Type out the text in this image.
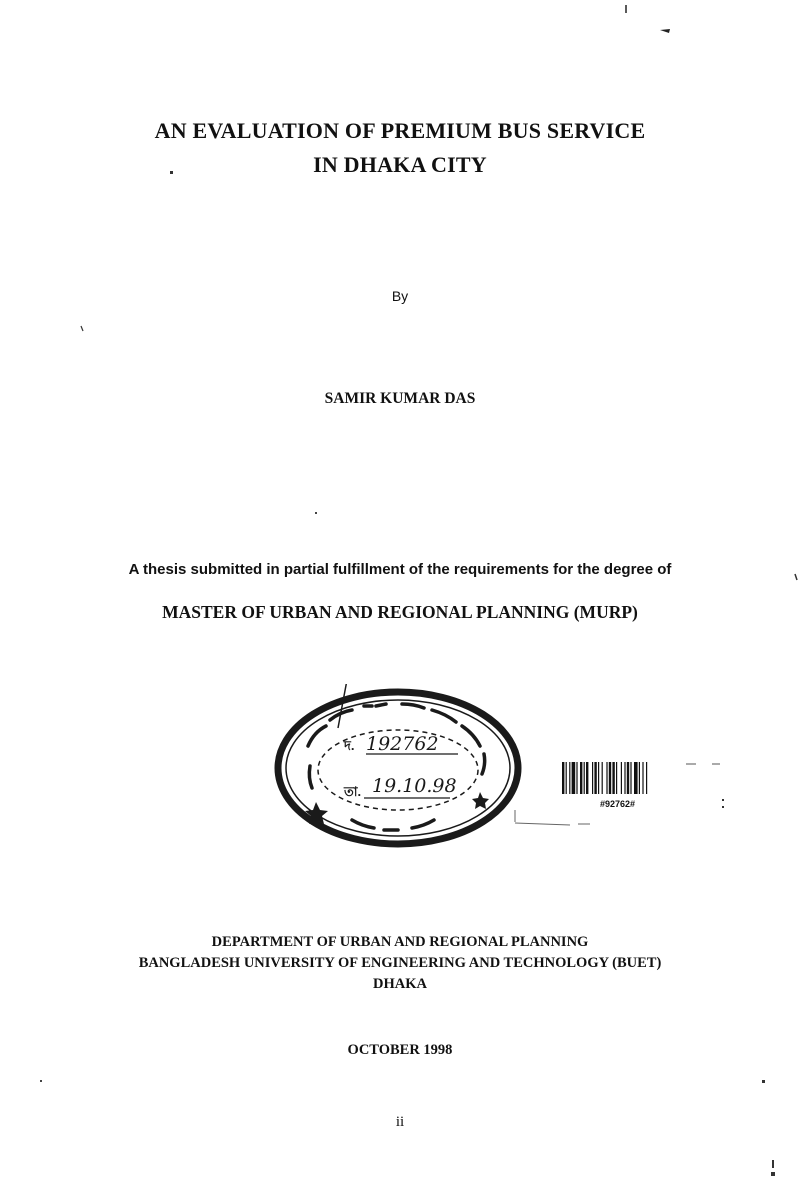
AN EVALUATION OF PREMIUM BUS SERVICE
IN DHAKA CITY
By
SAMIR KUMAR DAS
A thesis submitted in partial fulfillment of the requirements for the degree of
MASTER OF URBAN AND REGIONAL PLANNING (MURP)
দ.
তা.
192762
19.10.98
#92762#
DEPARTMENT OF URBAN AND REGIONAL PLANNING
BANGLADESH UNIVERSITY OF ENGINEERING AND TECHNOLOGY (BUET)
DHAKA
OCTOBER 1998
ii
